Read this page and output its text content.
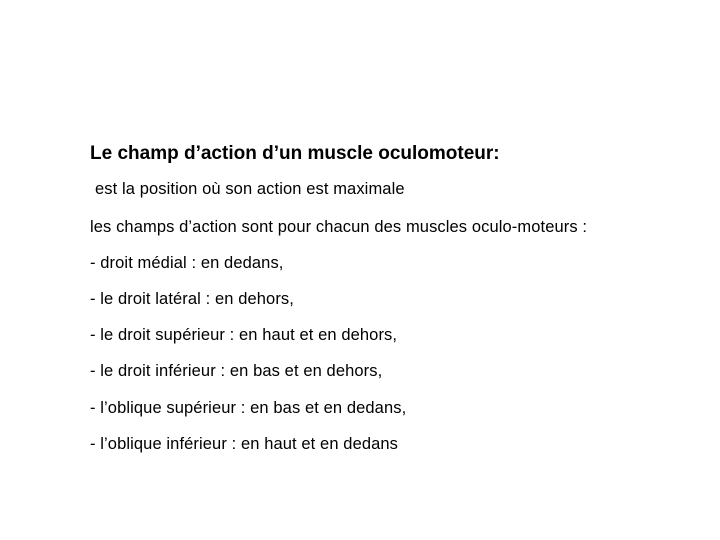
Le champ d’action d’un muscle oculomoteur:
est la position où son action est maximale
les champs d’action sont pour chacun des muscles oculo-moteurs :
- droit médial : en dedans,
- le droit latéral : en dehors,
- le droit supérieur : en haut et en dehors,
- le droit inférieur : en bas et en dehors,
- l’oblique supérieur : en bas et en dedans,
- l’oblique inférieur : en haut et en dedans
